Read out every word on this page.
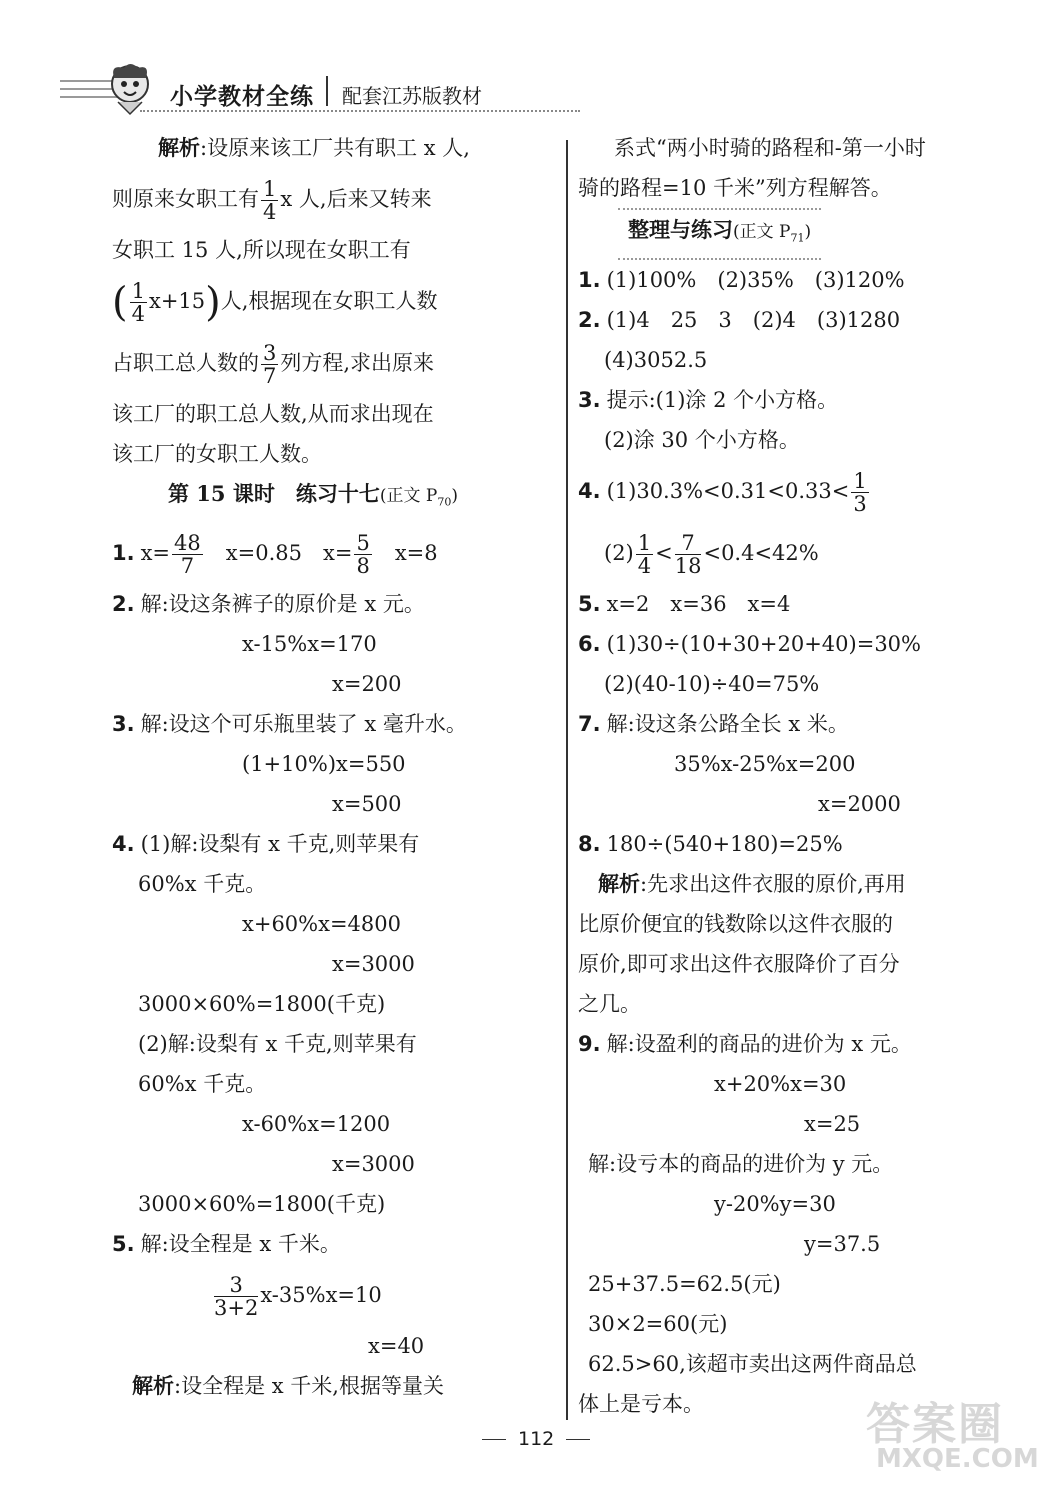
小学教材全练 配套江苏版教材
解析:设原来该工厂共有职工 x 人,
则原来女职工有 $\frac{1}{4}$ x 人,后来又转来
女职工 15 人,所以现在女职工有
( $\frac{1}{4} x+15$)人,根据现在女职工人数
占职工总人数的 $\frac{3}{7}$ 列方程,求出原来
该工厂的职工总人数,从而求出现在
该工厂的女职工人数。
第 15 课时　 练习十七(正文 $P_{70}$)
1. $x= \frac{48}{7}$
　 x=0.85　 $x= \frac{5}{8}$
　 x=8
2. 解:设这条裤子的原价是 x 元。
x-15%x=170
x=200
3. 解:设这个可乐瓶里装了 x 毫升水。
(1+10%)x=550
x=500
4. (1)解:设梨有 x 千克,则苹果有
60%x 千克。
x+60%x=4800
x=3000
3000×60%=1800(千克)
(2)解:设梨有 x 千克,则苹果有
60%x 千克。
x-60%x=1200
x=3000
3000×60%=1800(千克)
5. 解:设全程是 x 千米。
$\frac{3}{3+2} x-35\%x=10$
x=40
解析:设全程是 x 千米,根据等量关
系式“两小时骑的路程和-第一小时
骑的路程=10 千米”列方程解答。
整理与练习(正文 $P_{71}$)
1. (1)100%　(2)35%　(3)120%
2. (1)4　25　3　(2)4　(3)1280
(4)3052.5
3. 提示:(1)涂 2 个小方格。
(2)涂 30 个小方格。
4. $(1)30.3\%<0.31<0.33< \frac{1}{3}$
$(2) \frac{1}{4} < \frac{7}{18} <0.4<42\%$
5. x=2　x=36　x=4
6. (1)30÷(10+30+20+40)=30%
(2)(40-10)÷40=75%
7. 解:设这条公路全长 x 米。
35%x-25%x=200
x=2000
8. 180÷(540+180)=25%
解析:先求出这件衣服的原价,再用
比原价便宜的钱数除以这件衣服的
原价,即可求出这件衣服降价了百分
之几。
9. 解:设盈利的商品的进价为 x 元。
x+20%x=30
x=25
解:设亏本的商品的进价为 y 元。
y-20%y=30
y=37.5
25+37.5=62.5(元)
30×2=60(元)
62.5>60,该超市卖出这两件商品总
体上是亏本。
112	答案圈
MXQE.COM
